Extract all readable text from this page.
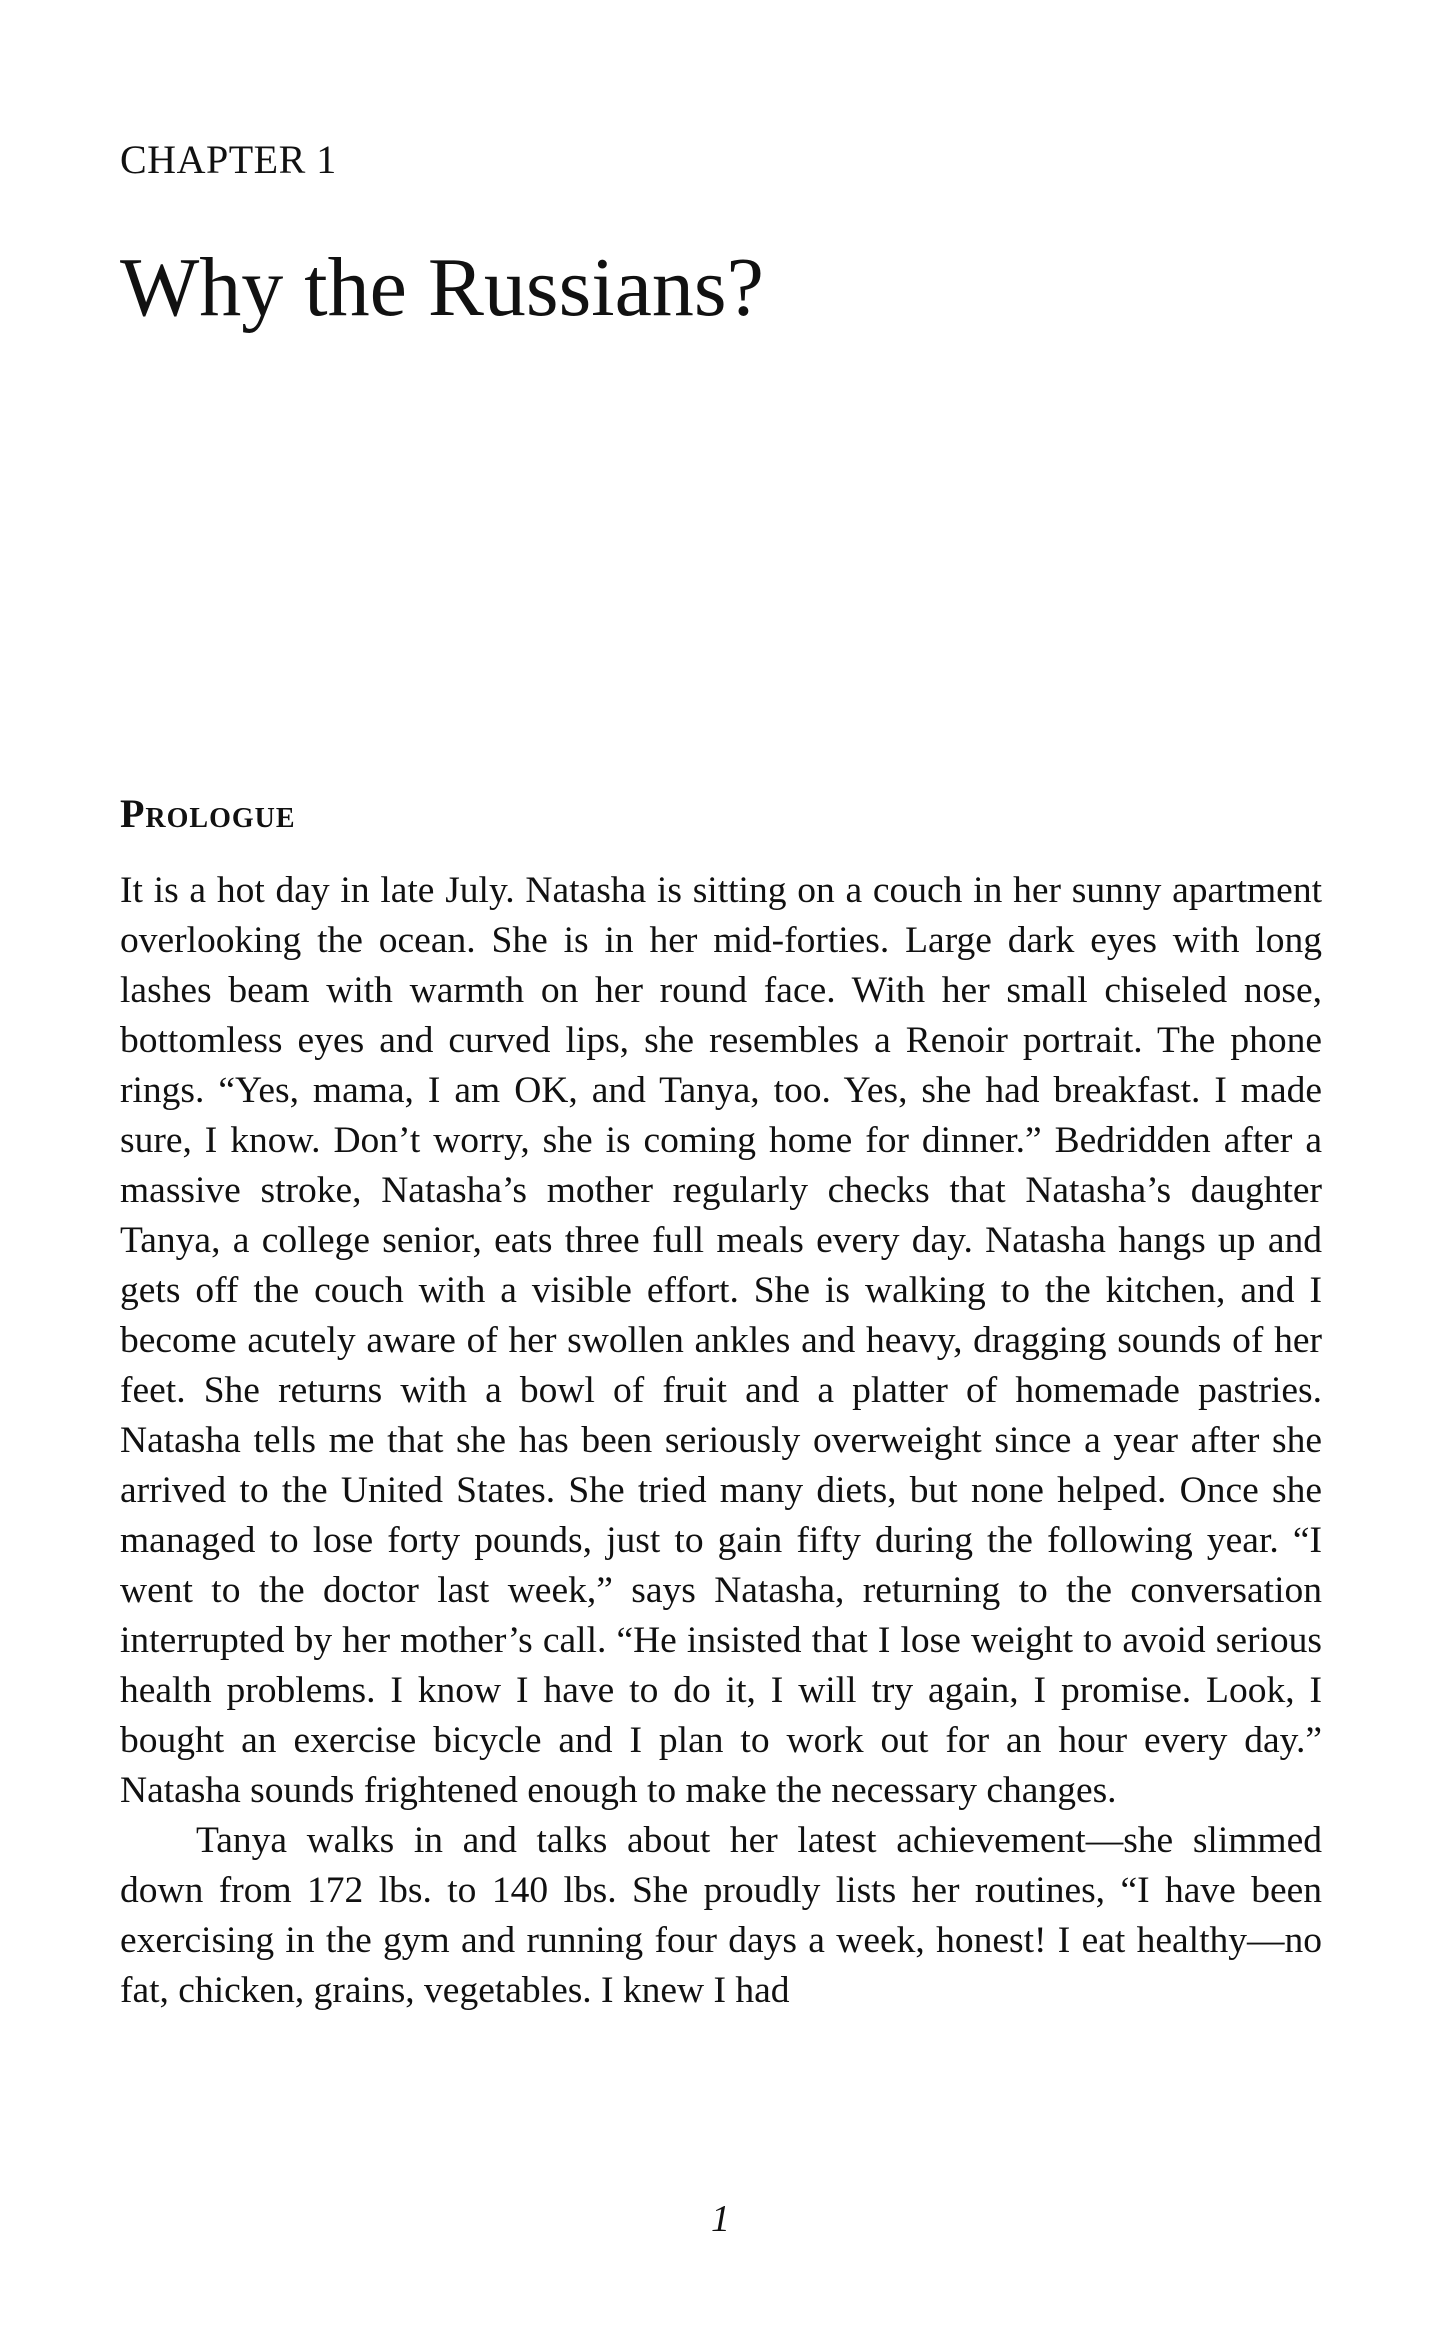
CHAPTER 1
Why the Russians?
Prologue

It is a hot day in late July. Natasha is sitting on a couch in her sunny apartment overlooking the ocean. She is in her mid-forties. Large dark eyes with long lashes beam with warmth on her round face. With her small chiseled nose, bottomless eyes and curved lips, she resembles a Renoir portrait. The phone rings. “Yes, mama, I am OK, and Tanya, too. Yes, she had breakfast. I made sure, I know. Don’t worry, she is coming home for dinner.” Bedridden after a massive stroke, Natasha’s mother regularly checks that Natasha’s daughter Tanya, a college senior, eats three full meals every day. Natasha hangs up and gets off the couch with a visible effort. She is walking to the kitchen, and I become acutely aware of her swollen ankles and heavy, dragging sounds of her feet. She returns with a bowl of fruit and a platter of homemade pastries. Natasha tells me that she has been seriously overweight since a year after she arrived to the United States. She tried many diets, but none helped. Once she managed to lose forty pounds, just to gain fifty during the following year. “I went to the doctor last week,” says Natasha, returning to the conversation interrupted by her mother’s call. “He insisted that I lose weight to avoid serious health problems. I know I have to do it, I will try again, I promise. Look, I bought an exercise bicycle and I plan to work out for an hour every day.” Natasha sounds frightened enough to make the necessary changes.

Tanya walks in and talks about her latest achievement—she slimmed down from 172 lbs. to 140 lbs. She proudly lists her routines, “I have been exercising in the gym and running four days a week, honest! I eat healthy—no fat, chicken, grains, vegetables. I knew I had

1
